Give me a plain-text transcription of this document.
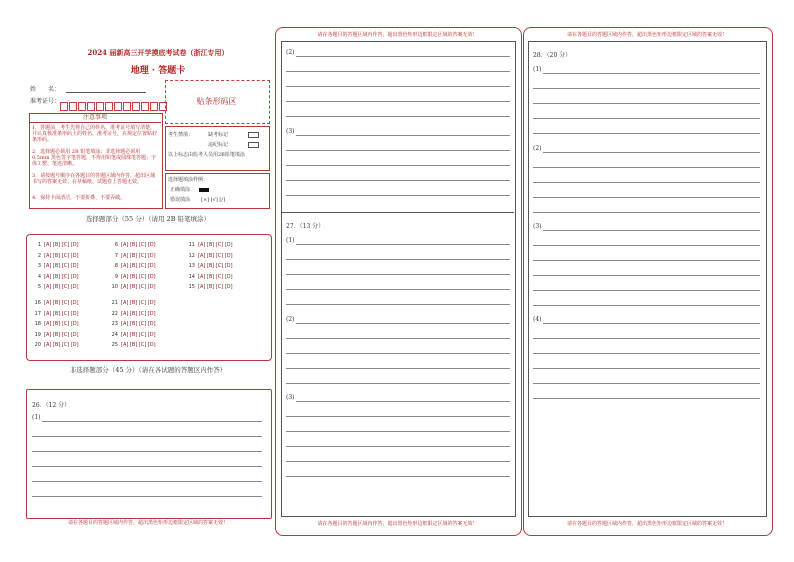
2024 届新高三开学摸底考试卷（浙江专用）
地理 · 答题卡
姓　　名：
准考证号：	贴条形码区
注意事项
1．答题前，考生先将自己的姓名、准考证号填写清楚，并认真核准条形码上的姓名、准考证号，在规定位置贴好条形码。
2．选择题必须用 2B 铅笔填涂；非选择题必须用 0.5mm 黑色签字笔答题，不得用铅笔或圆珠笔答题；字体工整、笔迹清晰。
3．请按题号顺序在各题目的答题区域内作答，超出区域书写的答案无效；在草稿纸、试题卷上答题无效。
4．保持卡面清洁，不要折叠、不要弄破。
考生禁填：	缺考标记
违纪标记
以上标志由监考人员用2B铅笔填涂
选择题填涂样例：
正确填涂
错误填涂 [×] [√] [/]
选择题部分（55 分）（请用 2B 铅笔填涂）
1 [A] [B] [C] [D]
2 [A] [B] [C] [D]
3 [A] [B] [C] [D]
4 [A] [B] [C] [D]
5 [A] [B] [C] [D]
6 [A] [B] [C] [D]
7 [A] [B] [C] [D]
8 [A] [B] [C] [D]
9 [A] [B] [C] [D]
10 [A] [B] [C] [D]
11 [A] [B] [C] [D]
12 [A] [B] [C] [D]
13 [A] [B] [C] [D]
14 [A] [B] [C] [D]
15 [A] [B] [C] [D]
16 [A] [B] [C] [D]
17 [A] [B] [C] [D]
18 [A] [B] [C] [D]
19 [A] [B] [C] [D]
20 [A] [B] [C] [D]
21 [A] [B] [C] [D]
22 [A] [B] [C] [D]
23 [A] [B] [C] [D]
24 [A] [B] [C] [D]
25 [A] [B] [C] [D]
非选择题部分（45 分）（请在各试题的答题区内作答）
26．（12 分）
(1)
请在各题目的答题区域内作答，超出黑色矩形边框限定区域的答案无效！
请在各题目的答题区域内作答，超出黑色矩形边框限定区域的答案无效！
(2)
(3)
27．（13 分）
(1)
(2)
(3)
请在各题目的答题区域内作答，超出黑色矩形边框限定区域的答案无效！
请在各题目的答题区域内作答，超出黑色矩形边框限定区域的答案无效！
28．（20 分）
(1)
(2)
(3)
(4)
请在各题目的答题区域内作答，超出黑色矩形边框限定区域的答案无效！
